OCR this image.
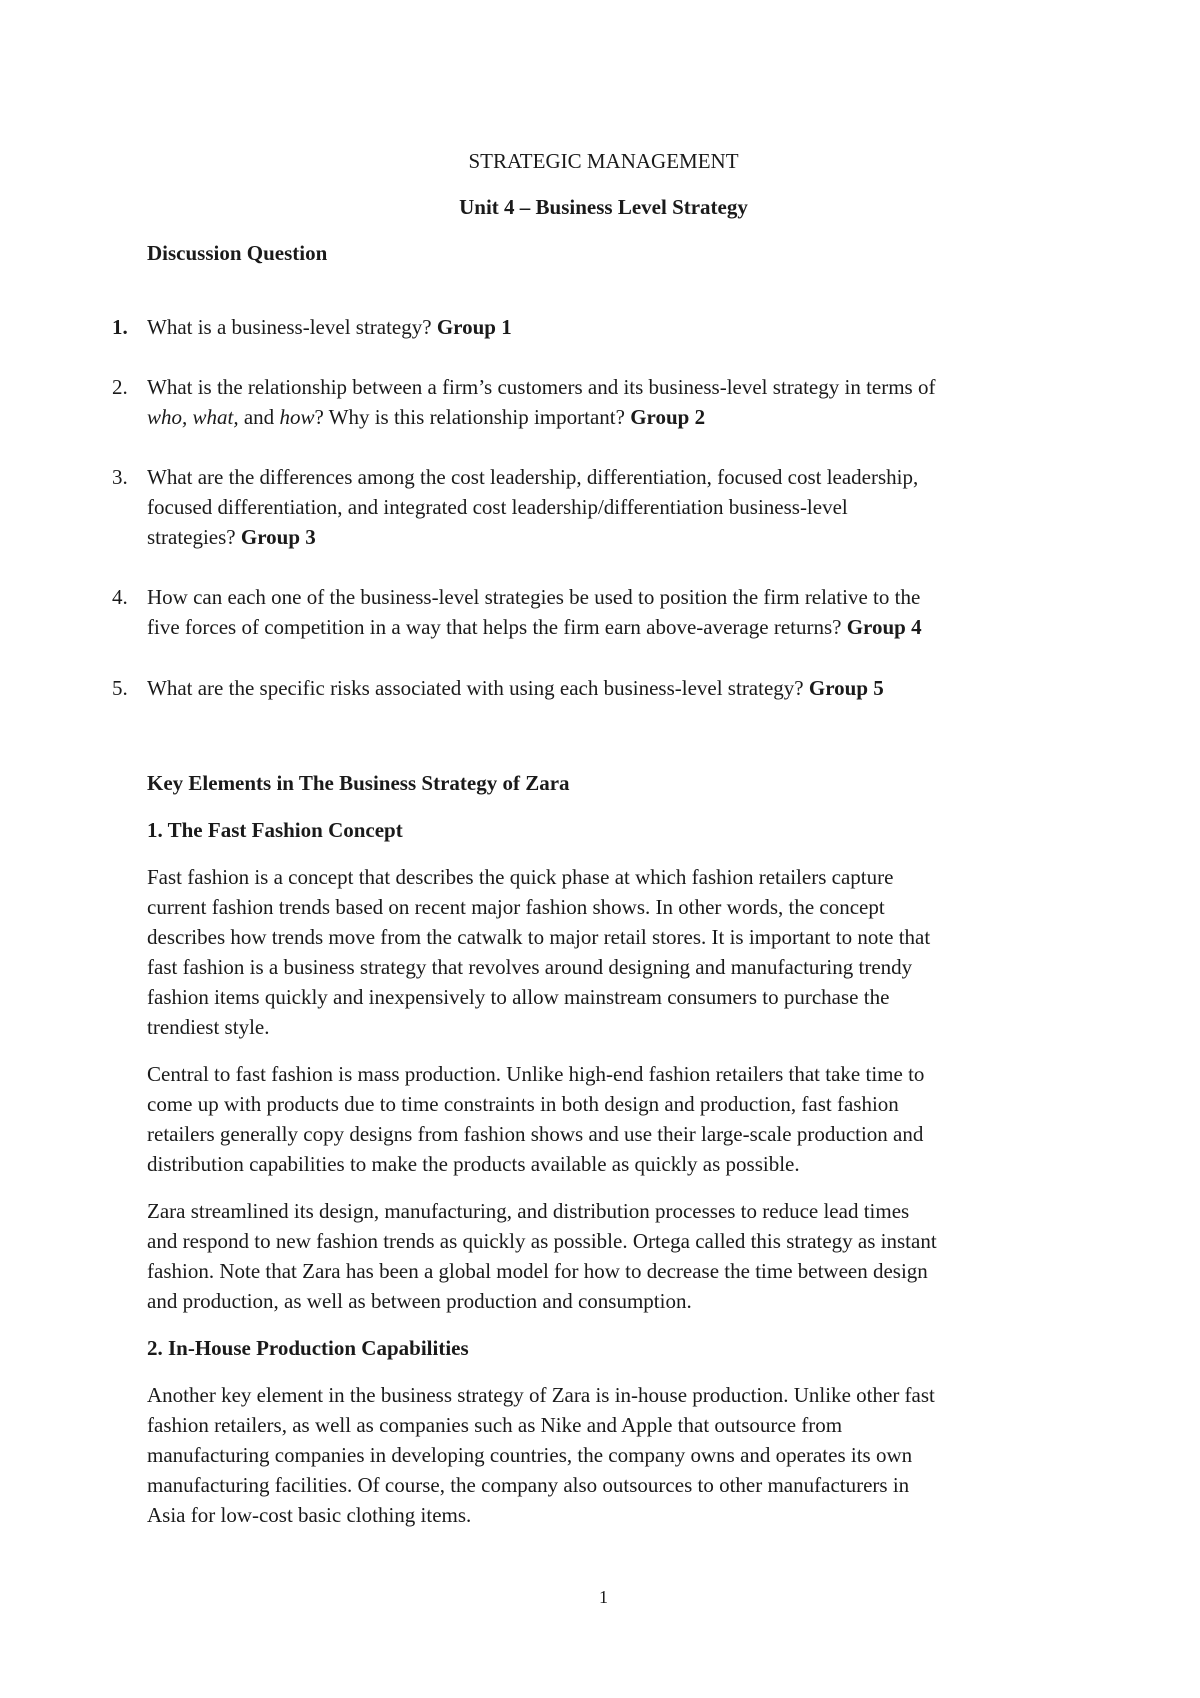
STRATEGIC MANAGEMENT

Unit 4 – Business Level Strategy

Discussion Question

1. What is a business-level strategy? Group 1

2. What is the relationship between a firm’s customers and its business-level strategy in terms of
who, what, and how? Why is this relationship important? Group 2

3. What are the differences among the cost leadership, differentiation, focused cost leadership,
focused differentiation, and integrated cost leadership/differentiation business-level
strategies? Group 3

4. How can each one of the business-level strategies be used to position the firm relative to the
five forces of competition in a way that helps the firm earn above-average returns? Group 4

5. What are the specific risks associated with using each business-level strategy? Group 5

Key Elements in The Business Strategy of Zara

1. The Fast Fashion Concept

Fast fashion is a concept that describes the quick phase at which fashion retailers capture
current fashion trends based on recent major fashion shows. In other words, the concept
describes how trends move from the catwalk to major retail stores. It is important to note that
fast fashion is a business strategy that revolves around designing and manufacturing trendy
fashion items quickly and inexpensively to allow mainstream consumers to purchase the
trendiest style.
Central to fast fashion is mass production. Unlike high-end fashion retailers that take time to
come up with products due to time constraints in both design and production, fast fashion
retailers generally copy designs from fashion shows and use their large-scale production and
distribution capabilities to make the products available as quickly as possible.
Zara streamlined its design, manufacturing, and distribution processes to reduce lead times
and respond to new fashion trends as quickly as possible. Ortega called this strategy as instant
fashion. Note that Zara has been a global model for how to decrease the time between design
and production, as well as between production and consumption.

2. In-House Production Capabilities

Another key element in the business strategy of Zara is in-house production. Unlike other fast
fashion retailers, as well as companies such as Nike and Apple that outsource from
manufacturing companies in developing countries, the company owns and operates its own
manufacturing facilities. Of course, the company also outsources to other manufacturers in
Asia for low-cost basic clothing items.

1
